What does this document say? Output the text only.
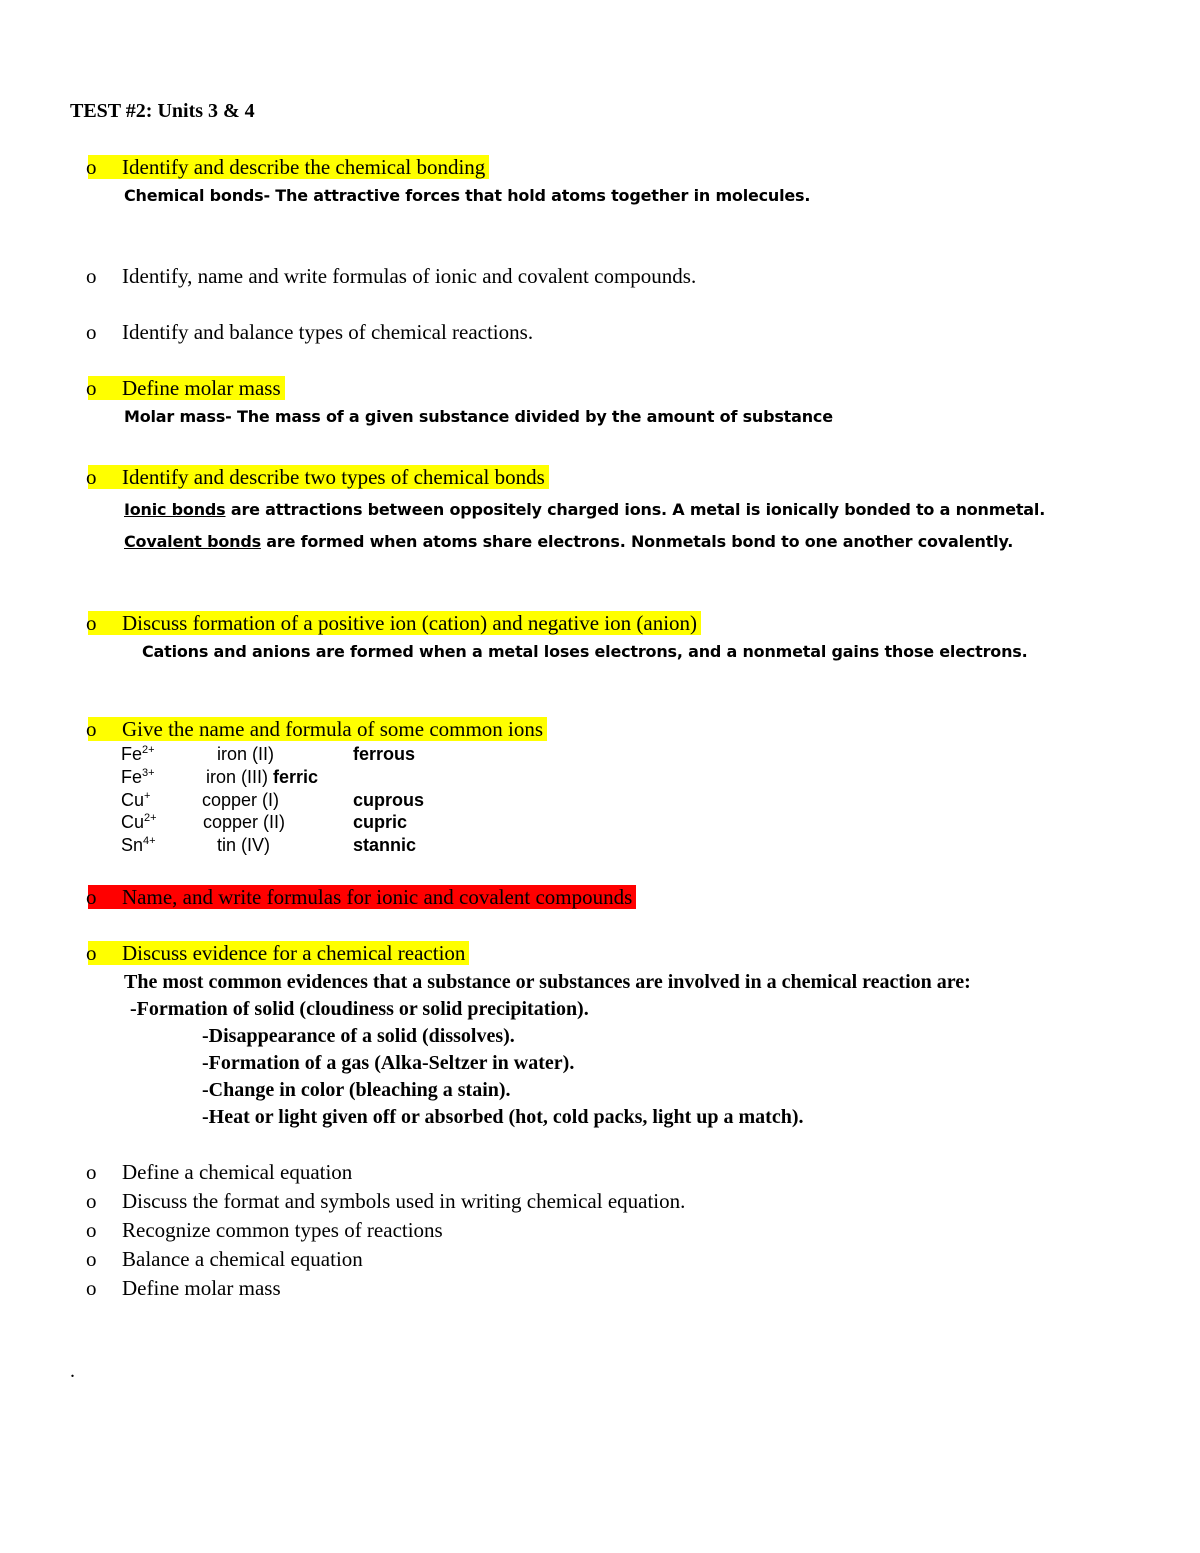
TEST #2: Units 3 & 4
o Identify and describe the chemical bonding
Chemical bonds- The attractive forces that hold atoms together in molecules.
o Identify, name and write formulas of ionic and covalent compounds.
o Identify and balance types of chemical reactions.
o Define molar mass
Molar mass- The mass of a given substance divided by the amount of substance
o Identify and describe two types of chemical bonds
Ionic bonds are attractions between oppositely charged ions. A metal is ionically bonded to a nonmetal.
Covalent bonds are formed when atoms share electrons. Nonmetals bond to one another covalently.
o Discuss formation of a positive ion (cation) and negative ion (anion)
Cations and anions are formed when a metal loses electrons, and a nonmetal gains those electrons.
o Give the name and formula of some common ions
$Fe^{2+}$	iron (II)	ferrous
$Fe^{3+}$	iron (III) ferric
Cu+	copper (I)	cuprous
$Cu^{2+}$	copper (II)	cupric
$Sn^{4+}$	tin (IV)	stannic
o Name, and write formulas for ionic and covalent compounds
o Discuss evidence for a chemical reaction
The most common evidences that a substance or substances are involved in a chemical reaction are:
-Formation of solid (cloudiness or solid precipitation).
-Disappearance of a solid (dissolves).
-Formation of a gas (Alka-Seltzer in water).
-Change in color (bleaching a stain).
-Heat or light given off or absorbed (hot, cold packs, light up a match).
o Define a chemical equation
o Discuss the format and symbols used in writing chemical equation.
o Recognize common types of reactions
o Balance a chemical equation
o Define molar mass
.
